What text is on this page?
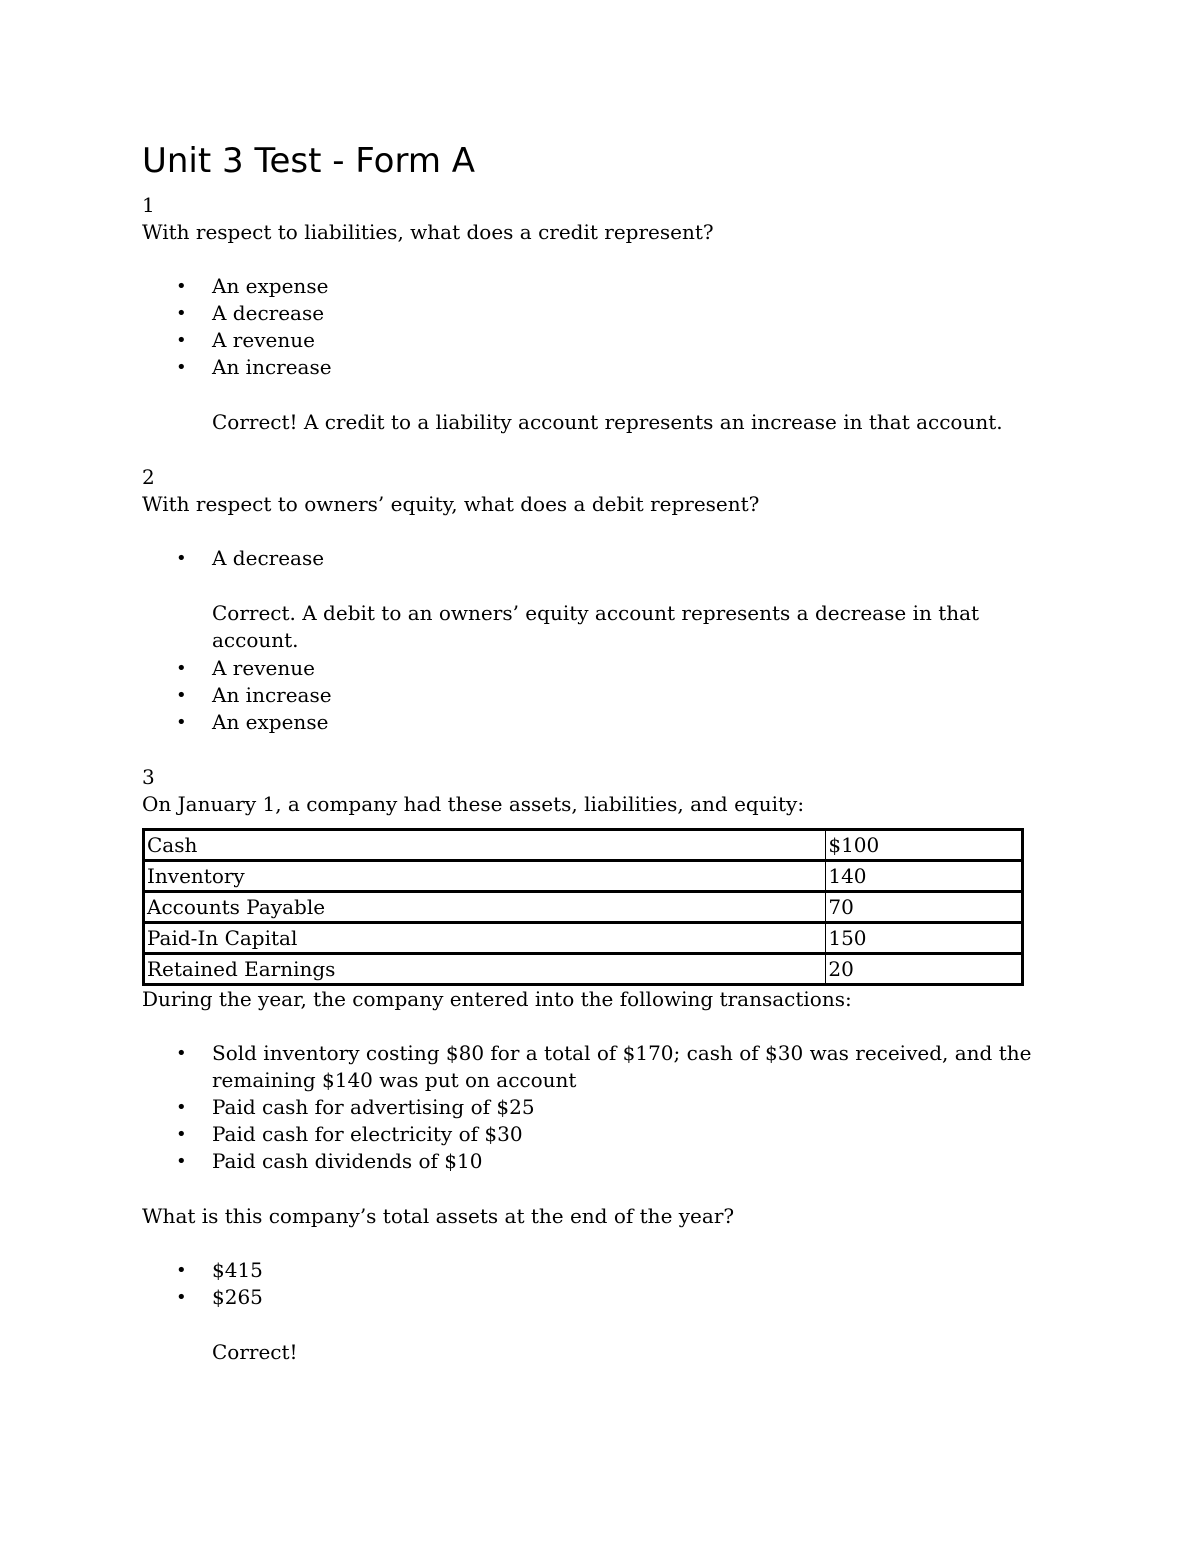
Unit 3 Test - Form A

1

With respect to liabilities, what does a credit represent?

• An expense
• A decrease
• A revenue
• An increase

Correct! A credit to a liability account represents an increase in that account.

2

With respect to owners’ equity, what does a debit represent?

• A decrease

Correct. A debit to an owners’ equity account represents a decrease in that account.

• A revenue
• An increase
• An expense

3

On January 1, a company had these assets, liabilities, and equity:

Cash	$100
Inventory	140
Accounts Payable	70
Paid-In Capital	150
Retained Earnings	20

During the year, the company entered into the following transactions:

• Sold inventory costing $80 for a total of $170; cash of $30 was received, and the remaining $140 was put on account
• Paid cash for advertising of $25
• Paid cash for electricity of $30
• Paid cash dividends of $10

What is this company’s total assets at the end of the year?

• $415
• $265

Correct!
